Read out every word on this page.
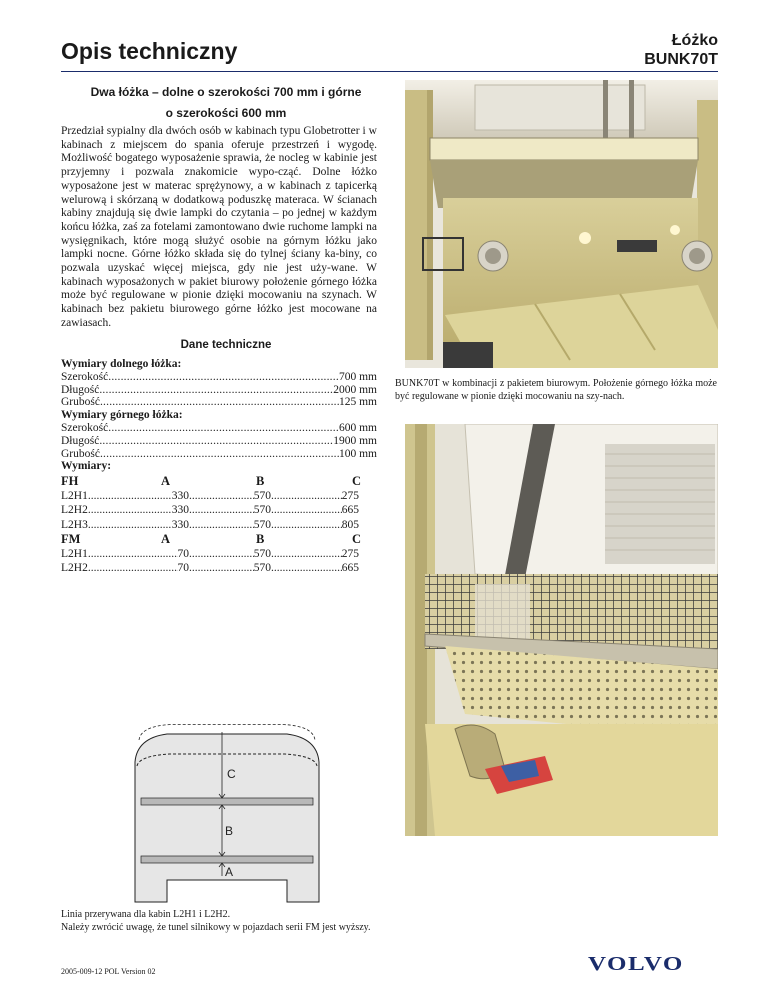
Opis techniczny	Łóżko
BUNK70T
Dwa łóżka – dolne o szerokości 700 mm i górne
o szerokości 600 mm

Przedział sypialny dla dwóch osób w kabinach typu Globetrotter i w kabinach z miejscem do spania oferuje przestrzeń i wygodę. Możliwość bogatego wyposażenie sprawia, że nocleg w kabinie jest przyjemny i pozwala znakomicie wypo-cząć. Dolne łóżko wyposażone jest w materac sprężynowy, a w kabinach z tapicerką welurową i skórzaną w dodatkową poduszkę materaca. W ścianach kabiny znajdują się dwie lampki do czytania – po jednej w każdym końcu łóżka, zaś za fotelami zamontowano dwie ruchome lampki na wysięgnikach, które mogą służyć osobie na górnym łóżku jako lampki nocne. Górne łóżko składa się do tylnej ściany ka-biny, co pozwala uzyskać więcej miejsca, gdy nie jest uży-wane. W kabinach wyposażonych w pakiet biurowy położenie górnego łóżka może być regulowane w pionie dzięki mocowaniu na szynach. W kabinach bez pakietu biurowego górne łóżko jest mocowane na zawiasach.

Dane techniczne
Wymiary dolnego łóżka:
Szerokość .....	700 mm
Długość .....	2000 mm
Grubość .....	125 mm
Wymiary górnego łóżka:
Szerokość .....	600 mm
Długość .....	1900 mm
Grubość .....	100 mm
Wymiary:
FH	A	B	C
L2H1 .....	330 .....	570 .....	275
L2H2 .....	330 .....	570 .....	665
L2H3 .....	330 .....	570 .....	805
FM	A	B	C
L2H1 .....	70 .....	570 .....	275
L2H2 .....	70 .....	570 .....	665
C
B
A
Linia przerywana dla kabin L2H1 i L2H2.
Należy zwrócić uwagę, że tunel silnikowy w pojazdach serii FM jest wyższy.
2005-009-12 POL Version 02
BUNK70T w kombinacji z pakietem biurowym. Położenie górnego łóżka może być regulowane w pionie dzięki mocowaniu na szy-nach.
VOLVO
